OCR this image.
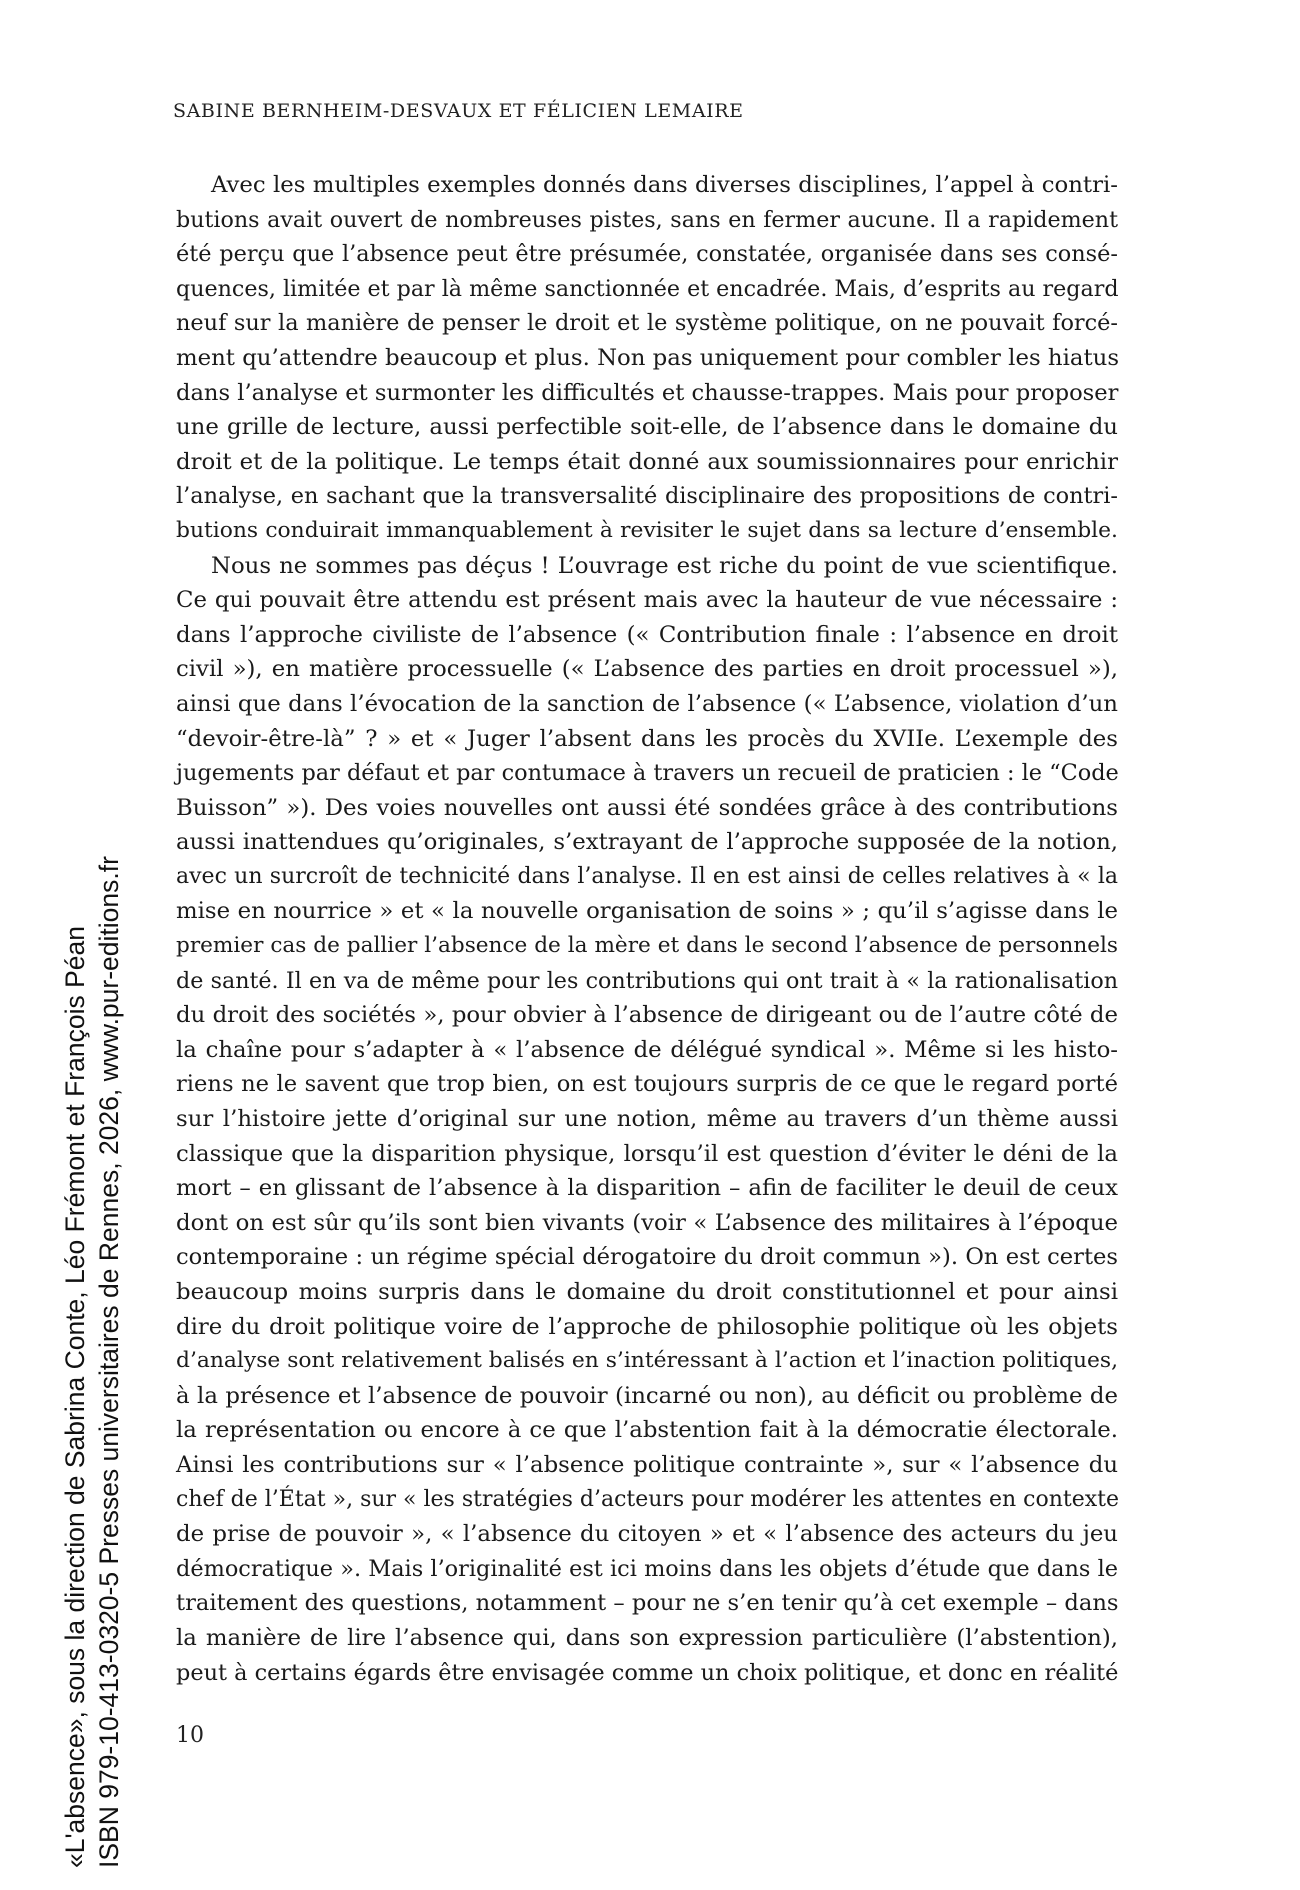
SABINE BERNHEIM-DESVAUX ET FÉLICIEN LEMAIRE
Avec les multiples exemples donnés dans diverses disciplines, l’appel à contri-
butions avait ouvert de nombreuses pistes, sans en fermer aucune. Il a rapidement
été perçu que l’absence peut être présumée, constatée, organisée dans ses consé-
quences, limitée et par là même sanctionnée et encadrée. Mais, d’esprits au regard
neuf sur la manière de penser le droit et le système politique, on ne pouvait forcé-
ment qu’attendre beaucoup et plus. Non pas uniquement pour combler les hiatus
dans l’analyse et surmonter les difficultés et chausse-trappes. Mais pour proposer
une grille de lecture, aussi perfectible soit-elle, de l’absence dans le domaine du
droit et de la politique. Le temps était donné aux soumissionnaires pour enrichir
l’analyse, en sachant que la transversalité disciplinaire des propositions de contri-
butions conduirait immanquablement à revisiter le sujet dans sa lecture d’ensemble.
Nous ne sommes pas déçus ! L’ouvrage est riche du point de vue scientifique.
Ce qui pouvait être attendu est présent mais avec la hauteur de vue nécessaire :
dans l’approche civiliste de l’absence (« Contribution finale : l’absence en droit
civil »), en matière processuelle (« L’absence des parties en droit processuel »),
ainsi que dans l’évocation de la sanction de l’absence (« L’absence, violation d’un
“devoir-être-là” ? » et « Juger l’absent dans les procès du XVIIe. L’exemple des
jugements par défaut et par contumace à travers un recueil de praticien : le “Code
Buisson” »). Des voies nouvelles ont aussi été sondées grâce à des contributions
aussi inattendues qu’originales, s’extrayant de l’approche supposée de la notion,
avec un surcroît de technicité dans l’analyse. Il en est ainsi de celles relatives à « la
mise en nourrice » et « la nouvelle organisation de soins » ; qu’il s’agisse dans le
premier cas de pallier l’absence de la mère et dans le second l’absence de personnels
de santé. Il en va de même pour les contributions qui ont trait à « la rationalisation
du droit des sociétés », pour obvier à l’absence de dirigeant ou de l’autre côté de
la chaîne pour s’adapter à « l’absence de délégué syndical ». Même si les histo-
riens ne le savent que trop bien, on est toujours surpris de ce que le regard porté
sur l’histoire jette d’original sur une notion, même au travers d’un thème aussi
classique que la disparition physique, lorsqu’il est question d’éviter le déni de la
mort – en glissant de l’absence à la disparition – afin de faciliter le deuil de ceux
dont on est sûr qu’ils sont bien vivants (voir « L’absence des militaires à l’époque
contemporaine : un régime spécial dérogatoire du droit commun »). On est certes
beaucoup moins surpris dans le domaine du droit constitutionnel et pour ainsi
dire du droit politique voire de l’approche de philosophie politique où les objets
d’analyse sont relativement balisés en s’intéressant à l’action et l’inaction politiques,
à la présence et l’absence de pouvoir (incarné ou non), au déficit ou problème de
la représentation ou encore à ce que l’abstention fait à la démocratie électorale.
Ainsi les contributions sur « l’absence politique contrainte », sur « l’absence du
chef de l’État », sur « les stratégies d’acteurs pour modérer les attentes en contexte
de prise de pouvoir », « l’absence du citoyen » et « l’absence des acteurs du jeu
démocratique ». Mais l’originalité est ici moins dans les objets d’étude que dans le
traitement des questions, notamment – pour ne s’en tenir qu’à cet exemple – dans
la manière de lire l’absence qui, dans son expression particulière (l’abstention),
peut à certains égards être envisagée comme un choix politique, et donc en réalité
10
«L'absence», sous la direction de Sabrina Conte, Léo Frémont et François Péan ISBN 979-10-413-0320-5 Presses universitaires de Rennes, 2026, www.pur-editions.fr
